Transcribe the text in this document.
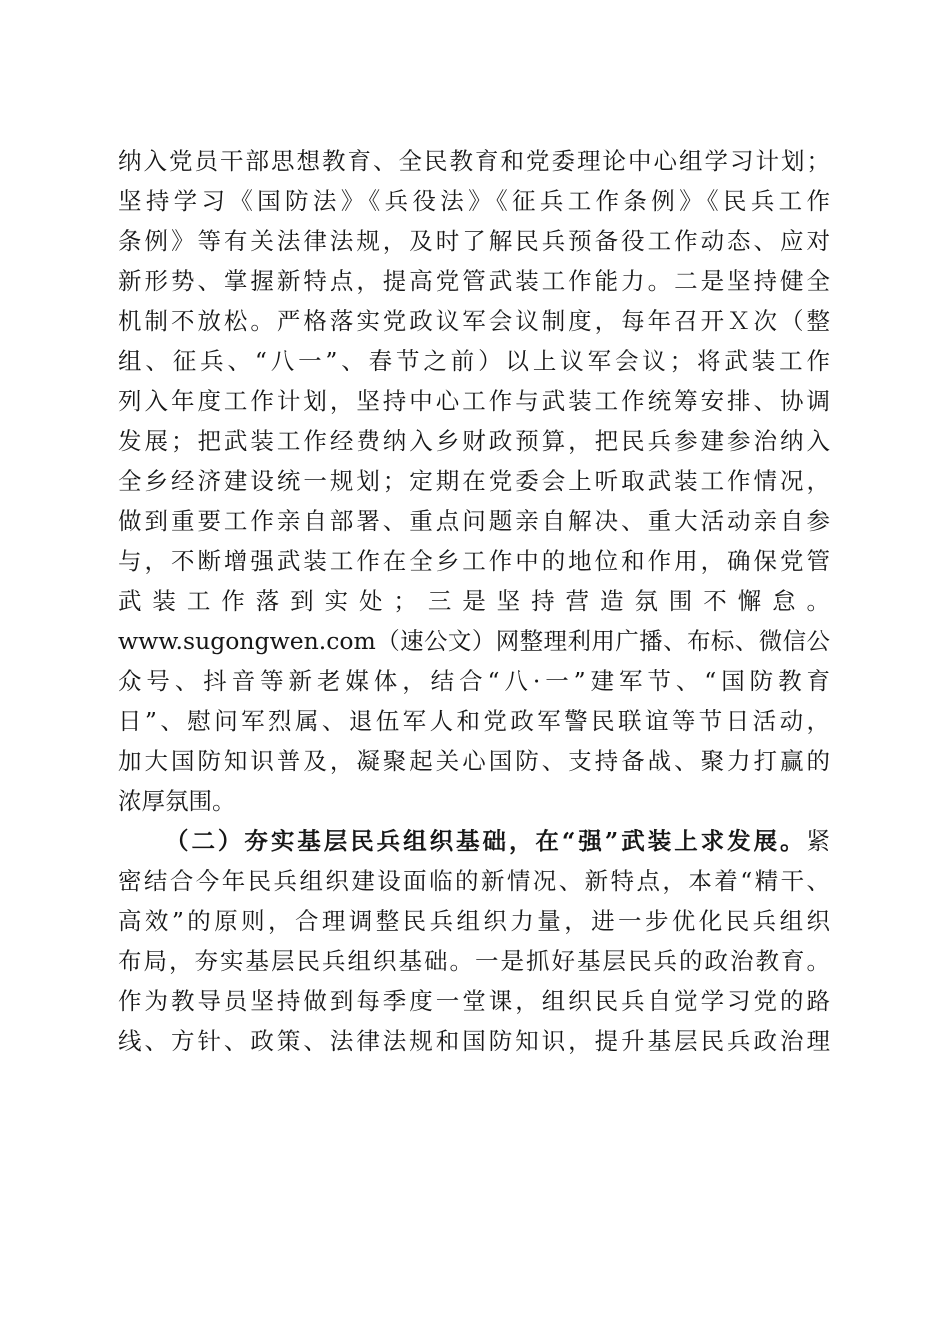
纳入党员干部思想教育、全民教育和党委理论中心组学习计划；
坚持学习《国防法》《兵役法》《征兵工作条例》《民兵工作
条例》等有关法律法规，及时了解民兵预备役工作动态、应对
新形势、掌握新特点，提高党管武装工作能力。二是坚持健全
机制不放松。严格落实党政议军会议制度，每年召开Ｘ次（整
组、征兵、“八一”、春节之前）以上议军会议；将武装工作
列入年度工作计划，坚持中心工作与武装工作统筹安排、协调
发展；把武装工作经费纳入乡财政预算，把民兵参建参治纳入
全乡经济建设统一规划；定期在党委会上听取武装工作情况，
做到重要工作亲自部署、重点问题亲自解决、重大活动亲自参
与，不断增强武装工作在全乡工作中的地位和作用，确保党管
武装工作落到实处；三是坚持营造氛围不懈怠。
www.sugongwen.com（速公文）网整理利用广播、布标、微信公
众号、抖音等新老媒体，结合“八·一”建军节、“国防教育
日”、慰问军烈属、退伍军人和党政军警民联谊等节日活动，
加大国防知识普及，凝聚起关心国防、支持备战、聚力打赢的
浓厚氛围。
（二）夯实基层民兵组织基础，在“强”武装上求发展。紧
密结合今年民兵组织建设面临的新情况、新特点，本着“精干、
高效”的原则，合理调整民兵组织力量，进一步优化民兵组织
布局，夯实基层民兵组织基础。一是抓好基层民兵的政治教育。
作为教导员坚持做到每季度一堂课，组织民兵自觉学习党的路
线、方针、政策、法律法规和国防知识，提升基层民兵政治理
